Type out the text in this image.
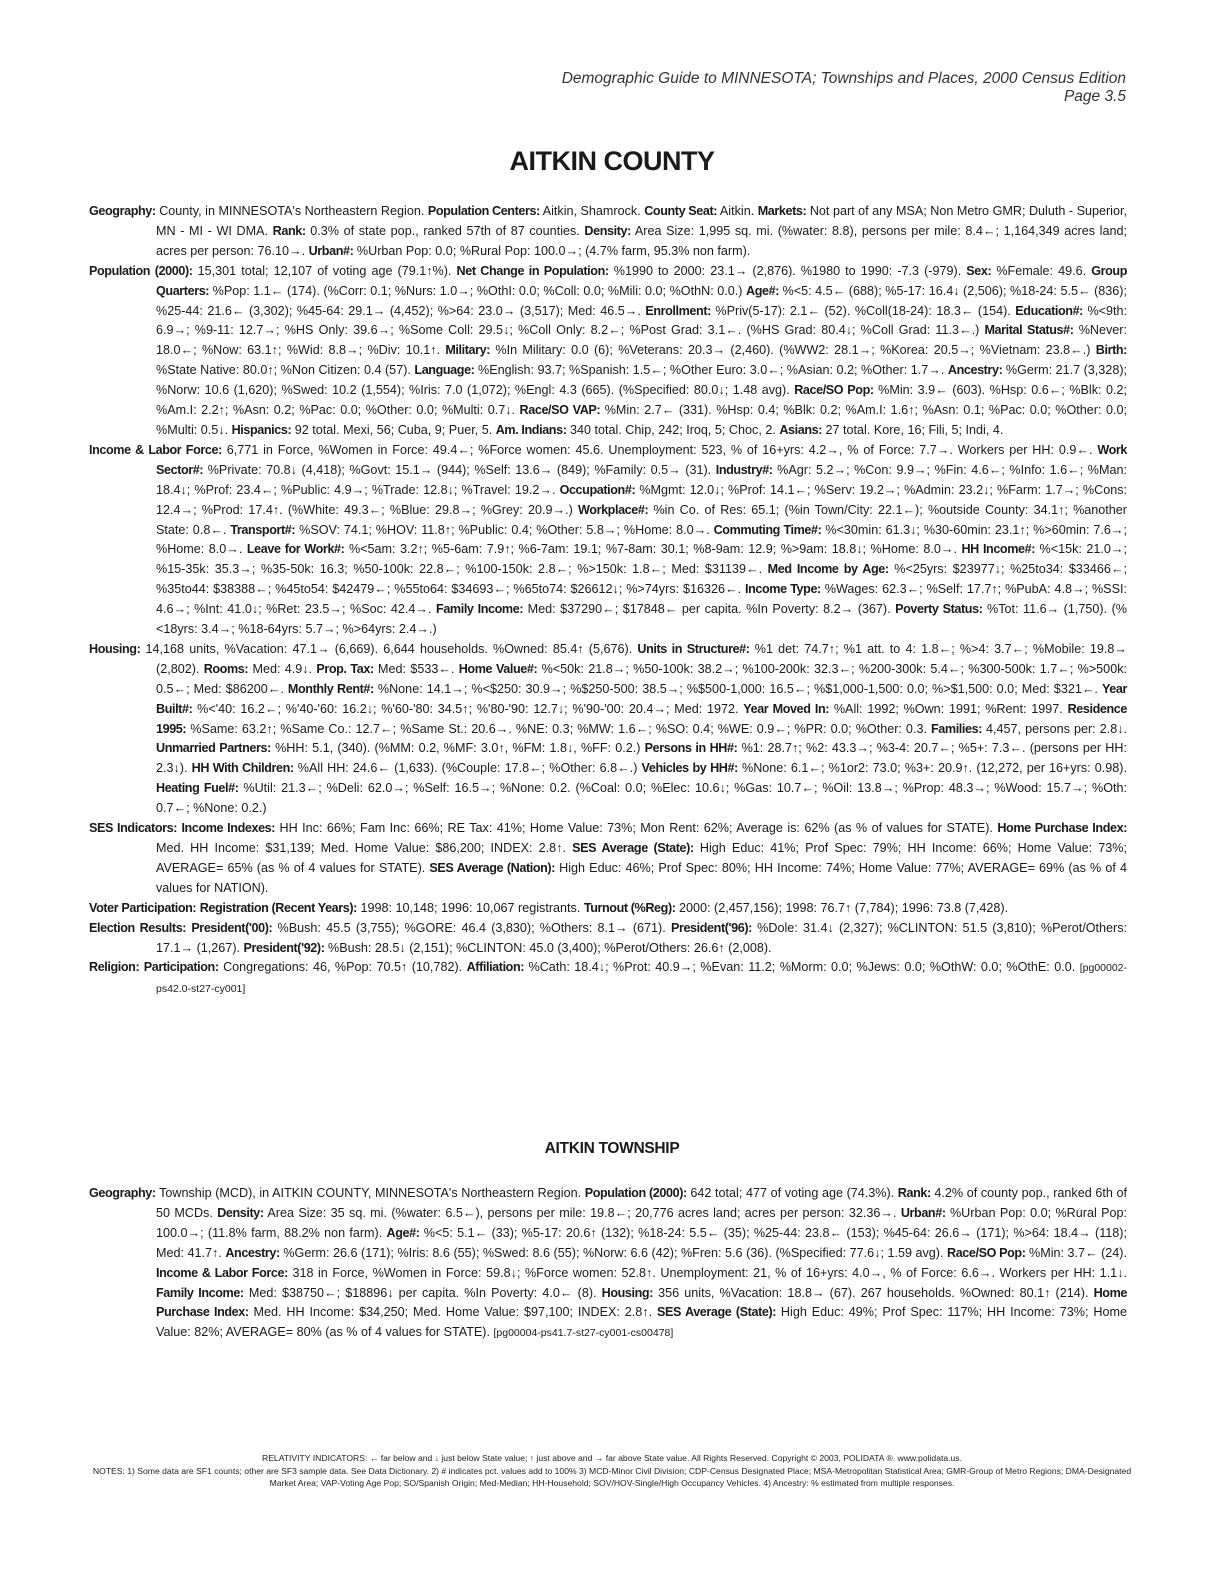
Demographic Guide to MINNESOTA; Townships and Places, 2000 Census Edition
Page 3.5
AITKIN COUNTY
Geography: County, in MINNESOTA's Northeastern Region. Population Centers: Aitkin, Shamrock. County Seat: Aitkin. Markets: Not part of any MSA; Non Metro GMR; Duluth - Superior, MN - MI - WI DMA. Rank: 0.3% of state pop., ranked 57th of 87 counties. Density: Area Size: 1,995 sq. mi. (%water: 8.8), persons per mile: 8.4←; 1,164,349 acres land; acres per person: 76.10→. Urban#: %Urban Pop: 0.0; %Rural Pop: 100.0→; (4.7% farm, 95.3% non farm).
Population (2000): 15,301 total; 12,107 of voting age (79.1↑%). Net Change in Population: %1990 to 2000: 23.1→ (2,876). %1980 to 1990: -7.3 (-979). Sex: %Female: 49.6. Group Quarters: %Pop: 1.1← (174). (%Corr: 0.1; %Nurs: 1.0→; %OthI: 0.0; %Coll: 0.0; %Mili: 0.0; %OthN: 0.0.) Age#: %<5: 4.5← (688); %5-17: 16.4↓ (2,506); %18-24: 5.5← (836); %25-44: 21.6← (3,302); %45-64: 29.1→ (4,452); %>64: 23.0→ (3,517); Med: 46.5→. Enrollment: %Priv(5-17): 2.1← (52). %Coll(18-24): 18.3← (154). Education#: %<9th: 6.9→; %9-11: 12.7→; %HS Only: 39.6→; %Some Coll: 29.5↓; %Coll Only: 8.2←; %Post Grad: 3.1←. (%HS Grad: 80.4↓; %Coll Grad: 11.3←.) Marital Status#: %Never: 18.0←; %Now: 63.1↑; %Wid: 8.8→; %Div: 10.1↑. Military: %In Military: 0.0 (6); %Veterans: 20.3→ (2,460). (%WW2: 28.1→; %Korea: 20.5→; %Vietnam: 23.8←.) Birth: %State Native: 80.0↑; %Non Citizen: 0.4 (57). Language: %English: 93.7; %Spanish: 1.5←; %Other Euro: 3.0←; %Asian: 0.2; %Other: 1.7→. Ancestry: %Germ: 21.7 (3,328); %Norw: 10.6 (1,620); %Swed: 10.2 (1,554); %Iris: 7.0 (1,072); %Engl: 4.3 (665). (%Specified: 80.0↓; 1.48 avg). Race/SO Pop: %Min: 3.9← (603). %Hsp: 0.6←; %Blk: 0.2; %Am.I: 2.2↑; %Asn: 0.2; %Pac: 0.0; %Other: 0.0; %Multi: 0.7↓. Race/SO VAP: %Min: 2.7← (331). %Hsp: 0.4; %Blk: 0.2; %Am.I: 1.6↑; %Asn: 0.1; %Pac: 0.0; %Other: 0.0; %Multi: 0.5↓. Hispanics: 92 total. Mexi, 56; Cuba, 9; Puer, 5. Am. Indians: 340 total. Chip, 242; Iroq, 5; Choc, 2. Asians: 27 total. Kore, 16; Fili, 5; Indi, 4.
Income & Labor Force: 6,771 in Force, %Women in Force: 49.4←; %Force women: 45.6. Unemployment: 523, % of 16+yrs: 4.2→, % of Force: 7.7→. Workers per HH: 0.9←. Work Sector#: %Private: 70.8↓ (4,418); %Govt: 15.1→ (944); %Self: 13.6→ (849); %Family: 0.5→ (31). Industry#: %Agr: 5.2→; %Con: 9.9→; %Fin: 4.6←; %Info: 1.6←; %Man: 18.4↓; %Prof: 23.4←; %Public: 4.9→; %Trade: 12.8↓; %Travel: 19.2→. Occupation#: %Mgmt: 12.0↓; %Prof: 14.1←; %Serv: 19.2→; %Admin: 23.2↓; %Farm: 1.7→; %Cons: 12.4→; %Prod: 17.4↑. (%White: 49.3←; %Blue: 29.8→; %Grey: 20.9→.) Workplace#: %in Co. of Res: 65.1; (%in Town/City: 22.1←); %outside County: 34.1↑; %another State: 0.8←. Transport#: %SOV: 74.1; %HOV: 11.8↑; %Public: 0.4; %Other: 5.8→; %Home: 8.0→. Commuting Time#: %<30min: 61.3↓; %30-60min: 23.1↑; %>60min: 7.6→; %Home: 8.0→. Leave for Work#: %<5am: 3.2↑; %5-6am: 7.9↑; %6-7am: 19.1; %7-8am: 30.1; %8-9am: 12.9; %>9am: 18.8↓; %Home: 8.0→. HH Income#: %<15k: 21.0→; %15-35k: 35.3→; %35-50k: 16.3; %50-100k: 22.8←; %100-150k: 2.8←; %>150k: 1.8←; Med: $31139←. Med Income by Age: %<25yrs: $23977↓; %25to34: $33466←; %35to44: $38388←; %45to54: $42479←; %55to64: $34693←; %65to74: $26612↓; %>74yrs: $16326←. Income Type: %Wages: 62.3←; %Self: 17.7↑; %PubA: 4.8→; %SSI: 4.6→; %Int: 41.0↓; %Ret: 23.5→; %Soc: 42.4→. Family Income: Med: $37290←; $17848← per capita. %In Poverty: 8.2→ (367). Poverty Status: %Tot: 11.6→ (1,750). (%<18yrs: 3.4→; %18-64yrs: 5.7→; %>64yrs: 2.4→.)
Housing: 14,168 units, %Vacation: 47.1→ (6,669). 6,644 households. %Owned: 85.4↑ (5,676). Units in Structure#: %1 det: 74.7↑; %1 att. to 4: 1.8←; %>4: 3.7←; %Mobile: 19.8→ (2,802). Rooms: Med: 4.9↓. Prop. Tax: Med: $533←. Home Value#: %<50k: 21.8→; %50-100k: 38.2→; %100-200k: 32.3←; %200-300k: 5.4←; %300-500k: 1.7←; %>500k: 0.5←; Med: $86200←. Monthly Rent#: %None: 14.1→; %<$250: 30.9→; %$250-500: 38.5→; %$500-1,000: 16.5←; %$1,000-1,500: 0.0; %>$1,500: 0.0; Med: $321←. Year Built#: %<'40: 16.2←; %'40-'60: 16.2↓; %'60-'80: 34.5↑; %'80-'90: 12.7↓; %'90-'00: 20.4→; Med: 1972. Year Moved In: %All: 1992; %Own: 1991; %Rent: 1997. Residence 1995: %Same: 63.2↑; %Same Co.: 12.7←; %Same St.: 20.6→. %NE: 0.3; %MW: 1.6←; %SO: 0.4; %WE: 0.9←; %PR: 0.0; %Other: 0.3. Families: 4,457, persons per: 2.8↓. Unmarried Partners: %HH: 5.1, (340). (%MM: 0.2, %MF: 3.0↑, %FM: 1.8↓, %FF: 0.2.) Persons in HH#: %1: 28.7↑; %2: 43.3→; %3-4: 20.7←; %5+: 7.3←. (persons per HH: 2.3↓). HH With Children: %All HH: 24.6← (1,633). (%Couple: 17.8←; %Other: 6.8←.) Vehicles by HH#: %None: 6.1←; %1or2: 73.0; %3+: 20.9↑. (12,272, per 16+yrs: 0.98). Heating Fuel#: %Util: 21.3←; %Deli: 62.0→; %Self: 16.5→; %None: 0.2. (%Coal: 0.0; %Elec: 10.6↓; %Gas: 10.7←; %Oil: 13.8→; %Prop: 48.3→; %Wood: 15.7→; %Oth: 0.7←; %None: 0.2.)
SES Indicators: Income Indexes: HH Inc: 66%; Fam Inc: 66%; RE Tax: 41%; Home Value: 73%; Mon Rent: 62%; Average is: 62% (as % of values for STATE). Home Purchase Index: Med. HH Income: $31,139; Med. Home Value: $86,200; INDEX: 2.8↑. SES Average (State): High Educ: 41%; Prof Spec: 79%; HH Income: 66%; Home Value: 73%; AVERAGE= 65% (as % of 4 values for STATE). SES Average (Nation): High Educ: 46%; Prof Spec: 80%; HH Income: 74%; Home Value: 77%; AVERAGE= 69% (as % of 4 values for NATION).
Voter Participation: Registration (Recent Years): 1998: 10,148; 1996: 10,067 registrants. Turnout (%Reg): 2000: (2,457,156); 1998: 76.7↑ (7,784); 1996: 73.8 (7,428).
Election Results: President('00): %Bush: 45.5 (3,755); %GORE: 46.4 (3,830); %Others: 8.1→ (671). President('96): %Dole: 31.4↓ (2,327); %CLINTON: 51.5 (3,810); %Perot/Others: 17.1→ (1,267). President('92): %Bush: 28.5↓ (2,151); %CLINTON: 45.0 (3,400); %Perot/Others: 26.6↑ (2,008).
Religion: Participation: Congregations: 46, %Pop: 70.5↑ (10,782). Affiliation: %Cath: 18.4↓; %Prot: 40.9→; %Evan: 11.2; %Morm: 0.0; %Jews: 0.0; %OthW: 0.0; %OthE: 0.0. [pg00002-ps42.0-st27-cy001]
AITKIN TOWNSHIP
Geography: Township (MCD), in AITKIN COUNTY, MINNESOTA's Northeastern Region. Population (2000): 642 total; 477 of voting age (74.3%). Rank: 4.2% of county pop., ranked 6th of 50 MCDs. Density: Area Size: 35 sq. mi. (%water: 6.5←), persons per mile: 19.8←; 20,776 acres land; acres per person: 32.36→. Urban#: %Urban Pop: 0.0; %Rural Pop: 100.0→; (11.8% farm, 88.2% non farm). Age#: %<5: 5.1← (33); %5-17: 20.6↑ (132); %18-24: 5.5← (35); %25-44: 23.8← (153); %45-64: 26.6→ (171); %>64: 18.4→ (118); Med: 41.7↑. Ancestry: %Germ: 26.6 (171); %Iris: 8.6 (55); %Swed: 8.6 (55); %Norw: 6.6 (42); %Fren: 5.6 (36). (%Specified: 77.6↓; 1.59 avg). Race/SO Pop: %Min: 3.7← (24). Income & Labor Force: 318 in Force, %Women in Force: 59.8↓; %Force women: 52.8↑. Unemployment: 21, % of 16+yrs: 4.0→, % of Force: 6.6→. Workers per HH: 1.1↓. Family Income: Med: $38750←; $18896↓ per capita. %In Poverty: 4.0← (8). Housing: 356 units, %Vacation: 18.8→ (67). 267 households. %Owned: 80.1↑ (214). Home Purchase Index: Med. HH Income: $34,250; Med. Home Value: $97,100; INDEX: 2.8↑. SES Average (State): High Educ: 49%; Prof Spec: 117%; HH Income: 73%; Home Value: 82%; AVERAGE= 80% (as % of 4 values for STATE). [pg00004-ps41.7-st27-cy001-cs00478]
RELATIVITY INDICATORS: ← far below and ↓ just below State value; ↑ just above and → far above State value. All Rights Reserved. Copyright © 2003, POLIDATA ®. www.polidata.us.
NOTES: 1) Some data are SF1 counts; other are SF3 sample data. See Data Dictionary. 2) # indicates pct. values add to 100% 3) MCD-Minor Civil Division; CDP-Census Designated Place; MSA-Metropolitan Statistical Area; GMR-Group of Metro Regions; DMA-Designated Market Area; VAP-Voting Age Pop; SO/Spanish Origin; Med-Median; HH-Household; SOV/HOV-Single/High Occupancy Vehicles. 4) Ancestry: % estimated from multiple responses.
